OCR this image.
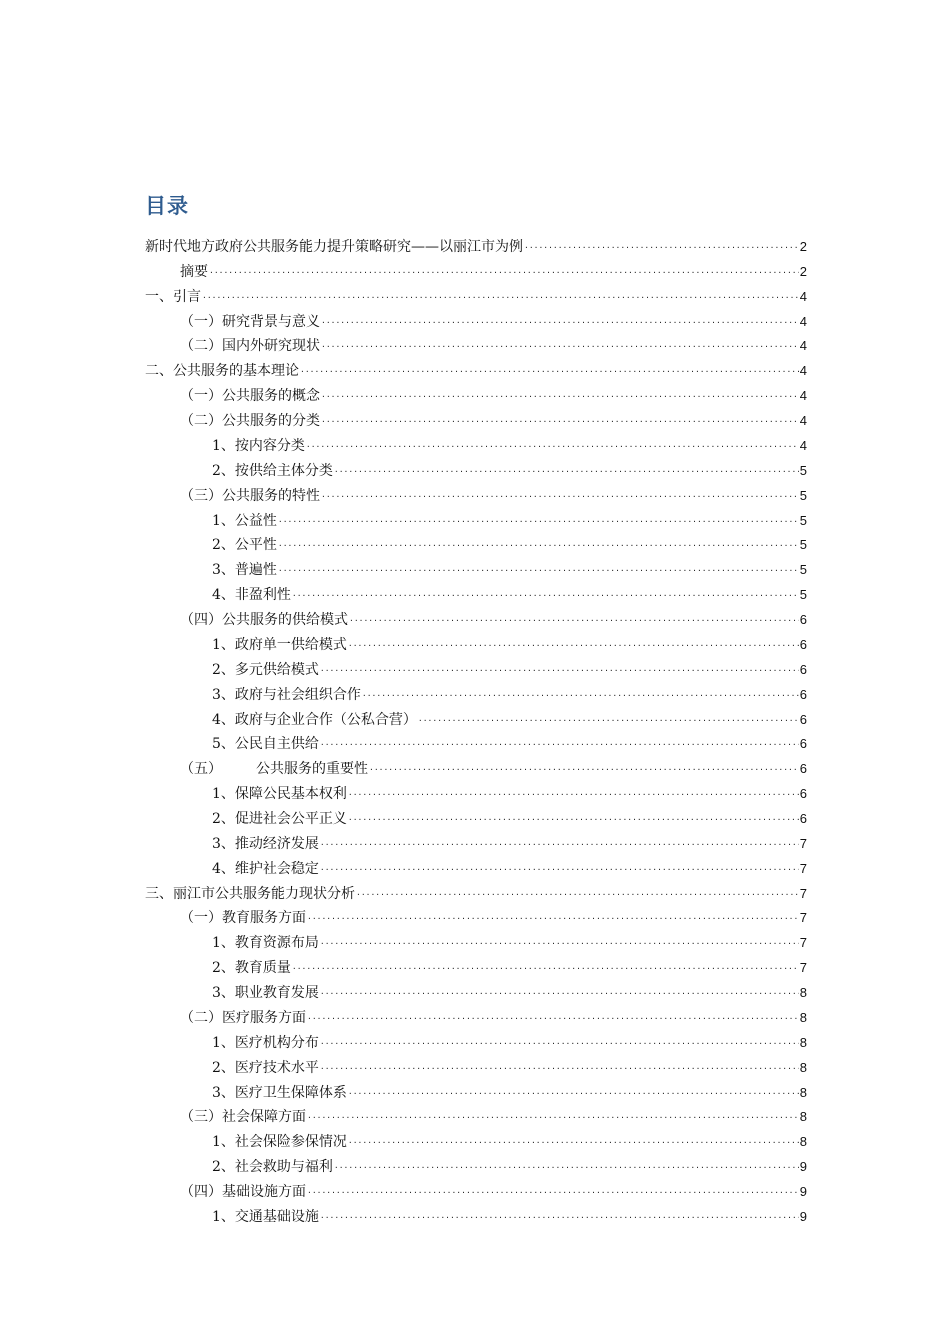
目录
新时代地方政府公共服务能力提升策略研究——以丽江市为例 .....	2
摘要 .....	2
一、引言 .....	4
（一）研究背景与意义 .....	4
（二）国内外研究现状 .....	4
二、公共服务的基本理论 .....	4
（一）公共服务的概念 .....	4
（二）公共服务的分类 .....	4
1、按内容分类 .....	4
2、按供给主体分类 .....	5
（三）公共服务的特性 .....	5
1、公益性 .....	5
2、公平性 .....	5
3、普遍性 .....	5
4、非盈利性 .....	5
（四）公共服务的供给模式 .....	6
1、政府单一供给模式 .....	6
2、多元供给模式 .....	6
3、政府与社会组织合作 .....	6
4、政府与企业合作（公私合营） .....	6
5、公民自主供给 .....	6
（五） 公共服务的重要性 .....	6
1、保障公民基本权利 .....	6
2、促进社会公平正义 .....	6
3、推动经济发展 .....	7
4、维护社会稳定 .....	7
三、丽江市公共服务能力现状分析 .....	7
（一）教育服务方面 .....	7
1、教育资源布局 .....	7
2、教育质量 .....	7
3、职业教育发展 .....	8
（二）医疗服务方面 .....	8
1、医疗机构分布 .....	8
2、医疗技术水平 .....	8
3、医疗卫生保障体系 .....	8
（三）社会保障方面 .....	8
1、社会保险参保情况 .....	8
2、社会救助与福利 .....	9
（四）基础设施方面 .....	9
1、交通基础设施 .....	9
